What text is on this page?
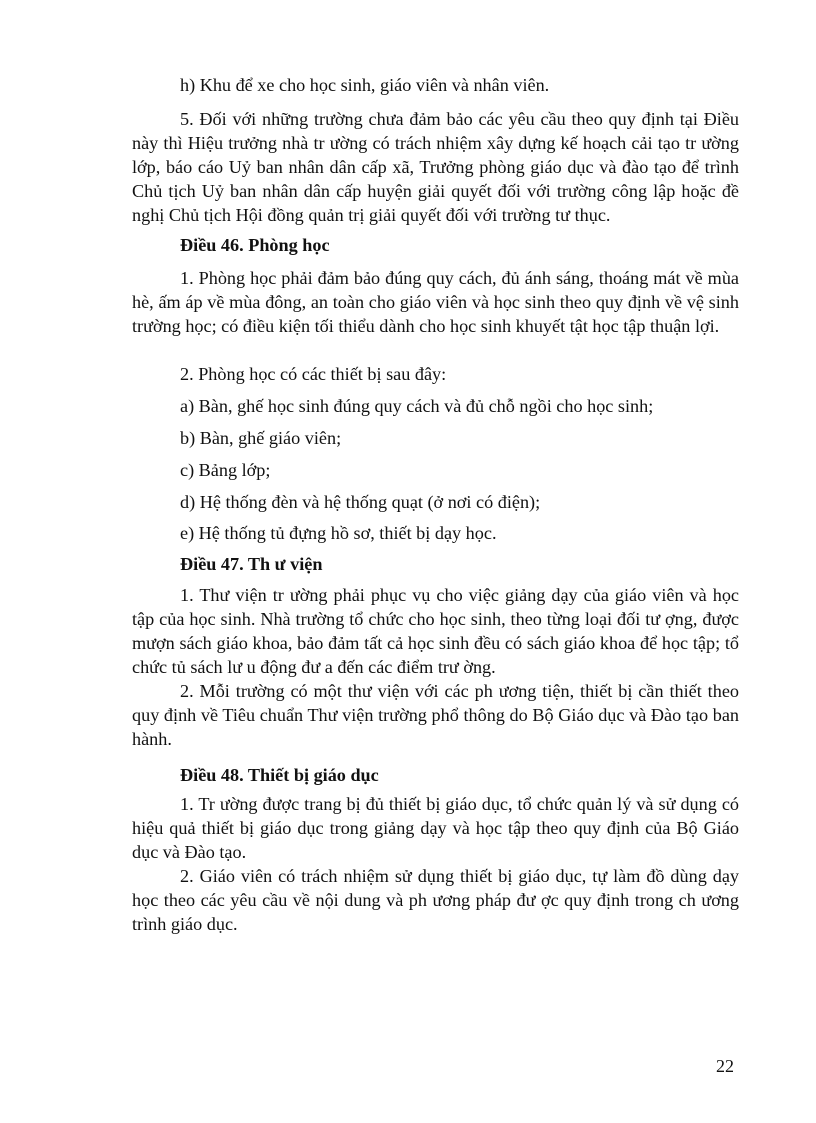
h) Khu để xe cho học sinh, giáo viên và nhân viên.

5. Đối với những trường chưa đảm bảo các yêu cầu theo quy định tại Điều này thì Hiệu trưởng nhà tr ường có trách nhiệm xây dựng kế hoạch cải tạo tr ường lớp, báo cáo Uỷ ban nhân dân cấp xã, Trưởng phòng giáo dục và đào tạo để trình Chủ tịch Uỷ ban nhân dân cấp huyện giải quyết đối với trường công lập hoặc đề nghị Chủ tịch Hội đồng quản trị giải quyết đối với trường tư thục.

Điều 46. Phòng học

1. Phòng học phải đảm bảo đúng quy cách, đủ ánh sáng, thoáng mát về mùa hè, ấm áp về mùa đông, an toàn cho giáo viên và học sinh theo quy định về vệ sinh trường học; có điều kiện tối thiểu dành cho học sinh khuyết tật học tập thuận lợi.

2. Phòng học có các thiết bị sau đây:

a) Bàn, ghế học sinh đúng quy cách và đủ chỗ ngồi cho học sinh;

b) Bàn, ghế giáo viên;

c) Bảng lớp;

d) Hệ thống đèn và hệ thống quạt (ở nơi có điện);

e) Hệ thống tủ đựng hồ sơ, thiết bị dạy học.

Điều 47. Th ư viện

1. Thư viện tr ường phải phục vụ cho việc giảng dạy của giáo viên và học tập của học sinh. Nhà trường tổ chức cho học sinh, theo từng loại đối tư ợng, được mượn sách giáo khoa, bảo đảm tất cả học sinh đều có sách giáo khoa để học tập; tổ chức tủ sách lư u động đư a đến các điểm trư ờng.

2. Mỗi trường có một thư viện với các ph ương tiện, thiết bị cần thiết theo quy định về Tiêu chuẩn Thư viện trường phổ thông do Bộ Giáo dục và Đào tạo ban hành.

Điều 48. Thiết bị giáo dục

1. Tr ường được trang bị đủ thiết bị giáo dục, tổ chức quản lý và sử dụng có hiệu quả thiết bị giáo dục trong giảng dạy và học tập theo quy định của Bộ Giáo dục và Đào tạo.

2. Giáo viên có trách nhiệm sử dụng thiết bị giáo dục, tự làm đồ dùng dạy học theo các yêu cầu về nội dung và ph ương pháp đư ợc quy định trong ch ương trình giáo dục.

22
